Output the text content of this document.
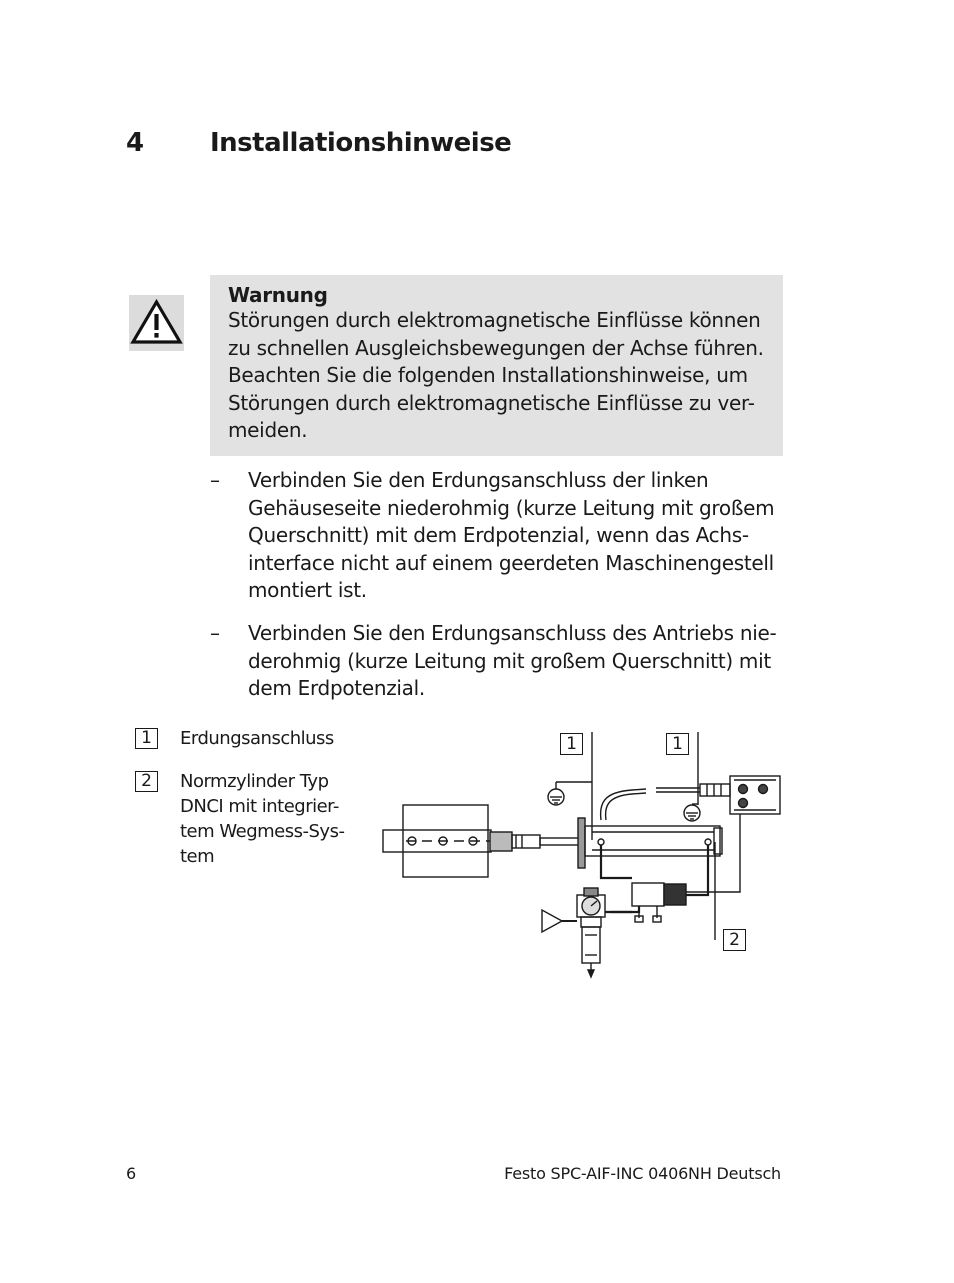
4	Installationshinweise
Warnung
Störungen durch elektromagnetische Einflüsse können
zu schnellen Ausgleichsbewegungen der Achse führen.
Beachten Sie die folgenden Installationshinweise, um
Störungen durch elektromagnetische Einflüsse zu ver-
meiden.
– Verbinden Sie den Erdungsanschluss der linken
Gehäuseseite niederohmig (kurze Leitung mit großem
Querschnitt) mit dem Erdpotenzial, wenn das Achs-
interface nicht auf einem geerdeten Maschinengestell
montiert ist.
– Verbinden Sie den Erdungsanschluss des Antriebs nie-
derohmig (kurze Leitung mit großem Querschnitt) mit
dem Erdpotenzial.
1	Erdungsanschluss
2	Normzylinder Typ
DNCI mit integrier-
tem Wegmess-Sys-
tem
1	1
2
6	Festo SPC-AIF-INC 0406NH Deutsch
